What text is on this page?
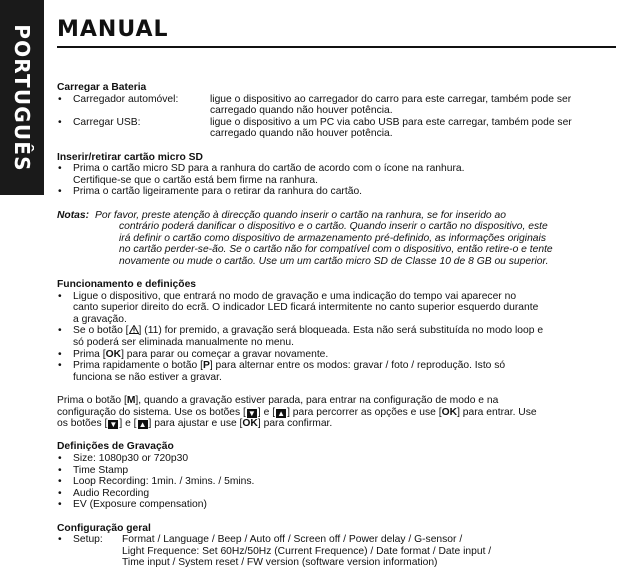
PORTUGUÊS MANUAL
Carregar a Bateria
•	Carregador automóvel:	ligue o dispositivo ao carregador do carro para este carregar, também pode ser
carregado quando não houver potência.
•	Carregar USB:	ligue o dispositivo a um PC via cabo USB para este carregar, também pode ser
carregado quando não houver potência.
Inserir/retirar cartão micro SD
•	Prima o cartão micro SD para a ranhura do cartão de acordo com o ícone na ranhura.
Certifique-se que o cartão está bem firme na ranhura.
•	Prima o cartão ligeiramente para o retirar da ranhura do cartão.
Notas: Por favor, preste atenção à direcção quando inserir o cartão na ranhura, se for inserido ao
contrário poderá danificar o dispositivo e o cartão. Quando inserir o cartão no dispositivo, este
irá definir o cartão como dispositivo de armazenamento pré-definido, as informações originais
no cartão perder-se-ão. Se o cartão não for compatível com o dispositivo, então retire-o e tente
novamente ou mude o cartão. Use um um cartão micro SD de Classe 10 de 8 GB ou superior.
Funcionamento e definições
•	Ligue o dispositivo, que entrará no modo de gravação e uma indicação do tempo vai aparecer no
canto superior direito do ecrã. O indicador LED ficará intermitente no canto superior esquerdo durante
a gravação.
•	Se o botão [ ] (11) for premido, a gravação será bloqueada. Esta não será substituída no modo loop e
só poderá ser eliminada manualmente no menu.
•	Prima [OK] para parar ou começar a gravar novamente.
•	Prima rapidamente o botão [P] para alternar entre os modos: gravar / foto / reprodução. Isto só
funciona se não estiver a gravar.
Prima o botão [M], quando a gravação estiver parada, para entrar na configuração de modo e na
configuração do sistema. Use os botões [ ▼ ] e [ ▲ ] para percorrer as opções e use [OK] para entrar. Use
os botões [ ▼ ] e [ ▲ ] para ajustar e use [OK] para confirmar.
Definições de Gravação
•	Size: 1080p30 or 720p30
•	Time Stamp
•	Loop Recording: 1min. / 3mins. / 5mins.
•	Audio Recording
•	EV (Exposure compensation)
Configuração geral
•	Setup:	Format / Language / Beep / Auto off / Screen off / Power delay / G-sensor /
Light Frequence: Set 60Hz/50Hz (Current Frequence) / Date format / Date input /
Time input / System reset / FW version (software version information)
